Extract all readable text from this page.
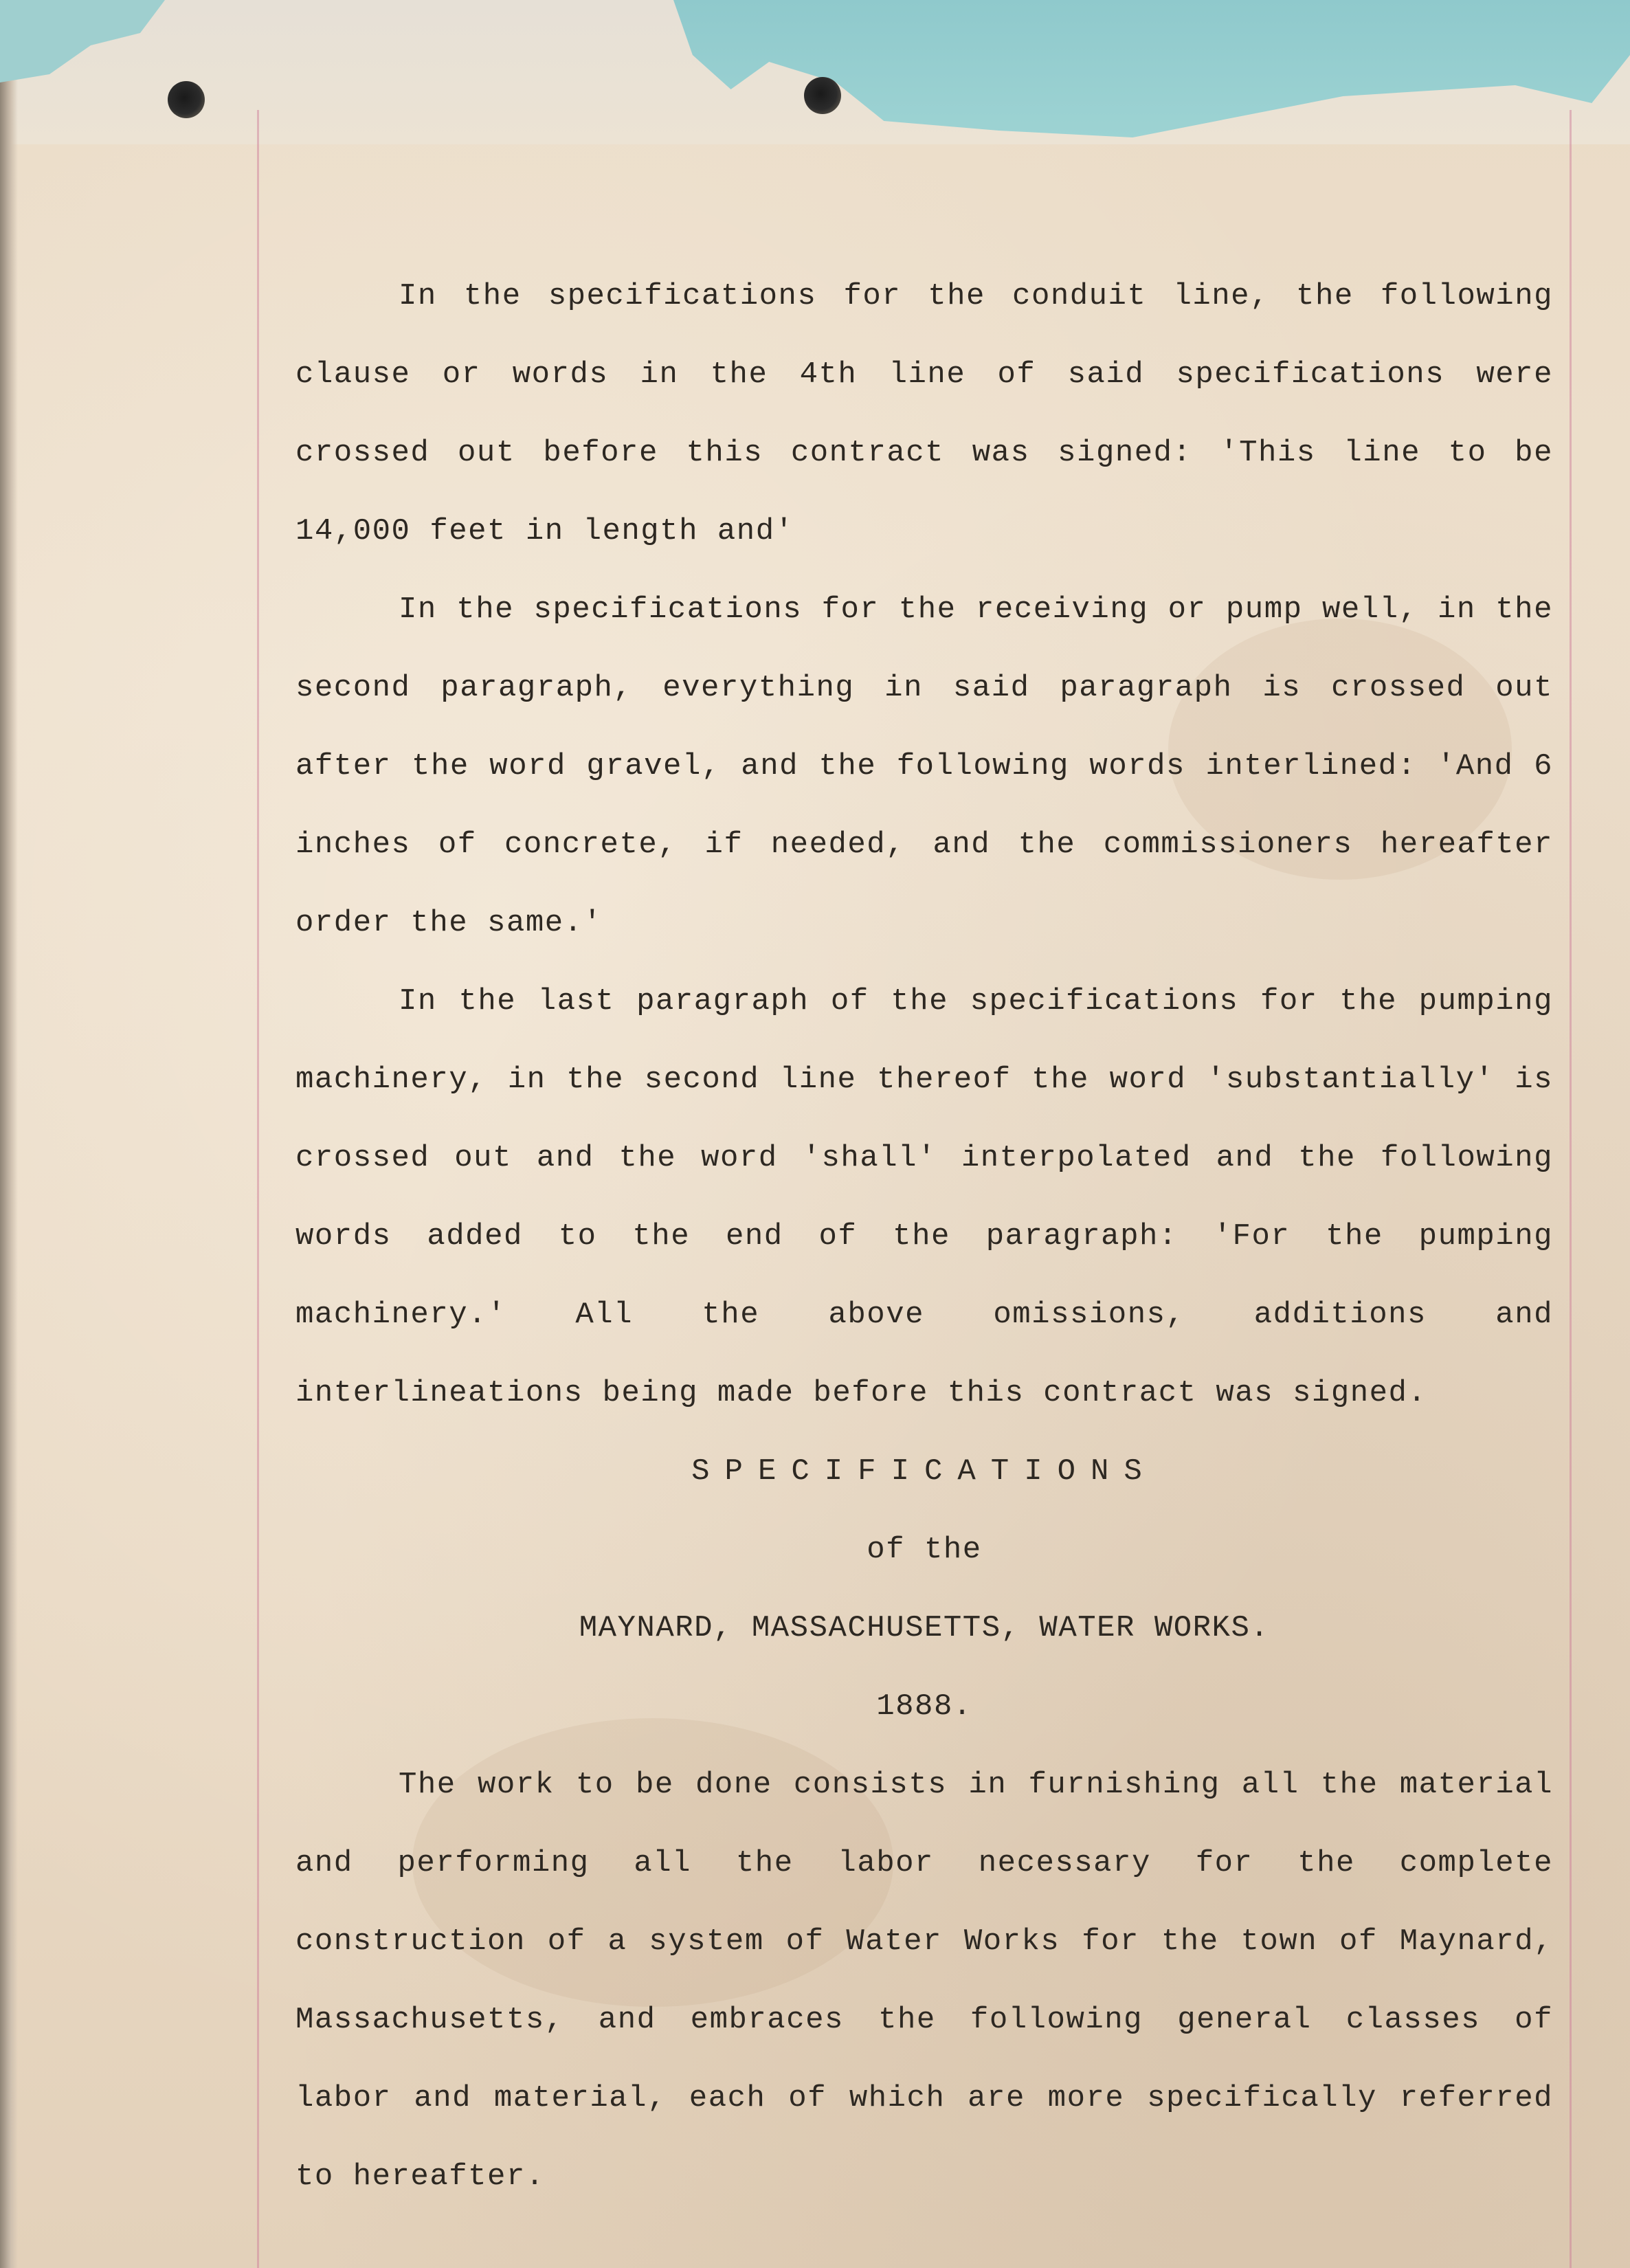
In the specifications for the conduit line, the following clause or words in the 4th line of said specifications were crossed out before this contract was signed: 'This line to be 14,000 feet in length and'

In the specifications for the receiving or pump well, in the second paragraph, everything in said paragraph is crossed out after the word gravel, and the following words interlined: 'And 6 inches of concrete, if needed, and the commissioners hereafter order the same.'

In the last paragraph of the specifications for the pumping machinery, in the second line thereof the word 'substantially' is crossed out and the word 'shall' interpolated and the following words added to the end of the paragraph: 'For the pumping machinery.' All the above omissions, additions and interlineations being made before this contract was signed.

SPECIFICATIONS

of the

MAYNARD, MASSACHUSETTS, WATER WORKS.

1888.

The work to be done consists in furnishing all the material and performing all the labor necessary for the complete construction of a system of Water Works for the town of Maynard, Massachusetts, and embraces the following general classes of labor and material, each of which are more specifically referred to hereafter.
